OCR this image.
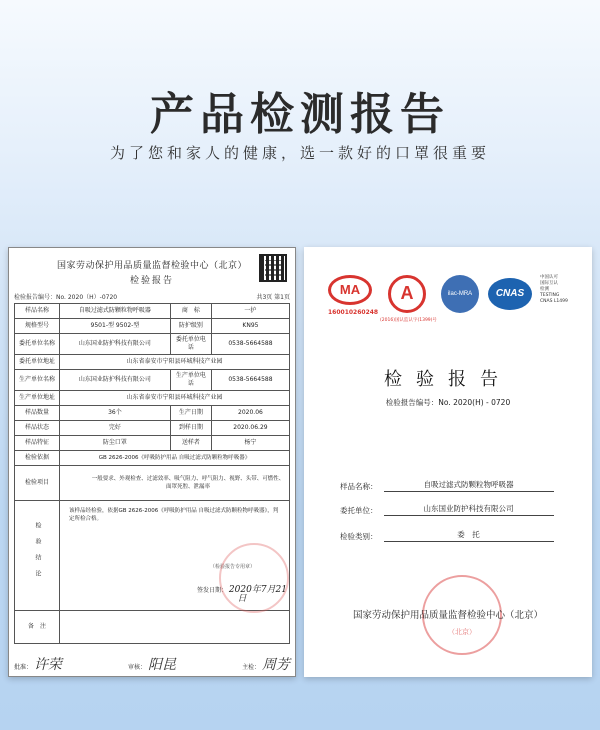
产品检测报告
为了您和家人的健康，选一款好的口罩很重要
国家劳动保护用品质量监督检验中心（北京）
检验报告
检验报告编号：No. 2020（H）-0720	共3页 第1页
样品名称	自吸过滤式防颗粒物呼吸器	商　标	一护
规格型号	9501-型 9502-型	防护级别	KN95
委托单位名称	山东国业防护科技有限公司	委托单位电话	0538-5664588
委托单位地址	山东省泰安市宁阳县环城科技产业园		
生产单位名称	山东国业防护科技有限公司	生产单位电话	0538-5664588
生产单位地址	山东省泰安市宁阳县环城科技产业园		
样品数量	36个	生产日期	2020.06
样品状态	完好	到样日期	2020.06.29
样品特征	防尘口罩	送样者	杨宁
检验依据	GB 2626-2006《呼吸防护用品 自吸过滤式防颗粒物呼吸器》		
检验项目	一般要求、外观检查、过滤效率、吸气阻力、呼气阻力、视野、头带、可燃性、面罩死腔、泄漏率		
检验结论	该样品经检验，依据GB 2626-2006《呼吸防护用品 自吸过滤式防颗粒物呼吸器》，判定所检合格。
（检验报告专用章）
签发日期： 2020年7月21日		

备　注			
批准： 许荣	审核： 阳昆	主检： 周芳
MA
160010260248
A
(2016)国认监认字(1399)号
ilac-MRA	CNAS
中国认可
国际互认
检测
TESTING
CNAS L1499
检验报告
检验报告编号：No. 2020(H) - 0720
样品名称：	自吸过滤式防颗粒物呼吸器
委托单位：	山东国业防护科技有限公司
检验类别：	委　托
（北京）
国家劳动保护用品质量监督检验中心（北京）
